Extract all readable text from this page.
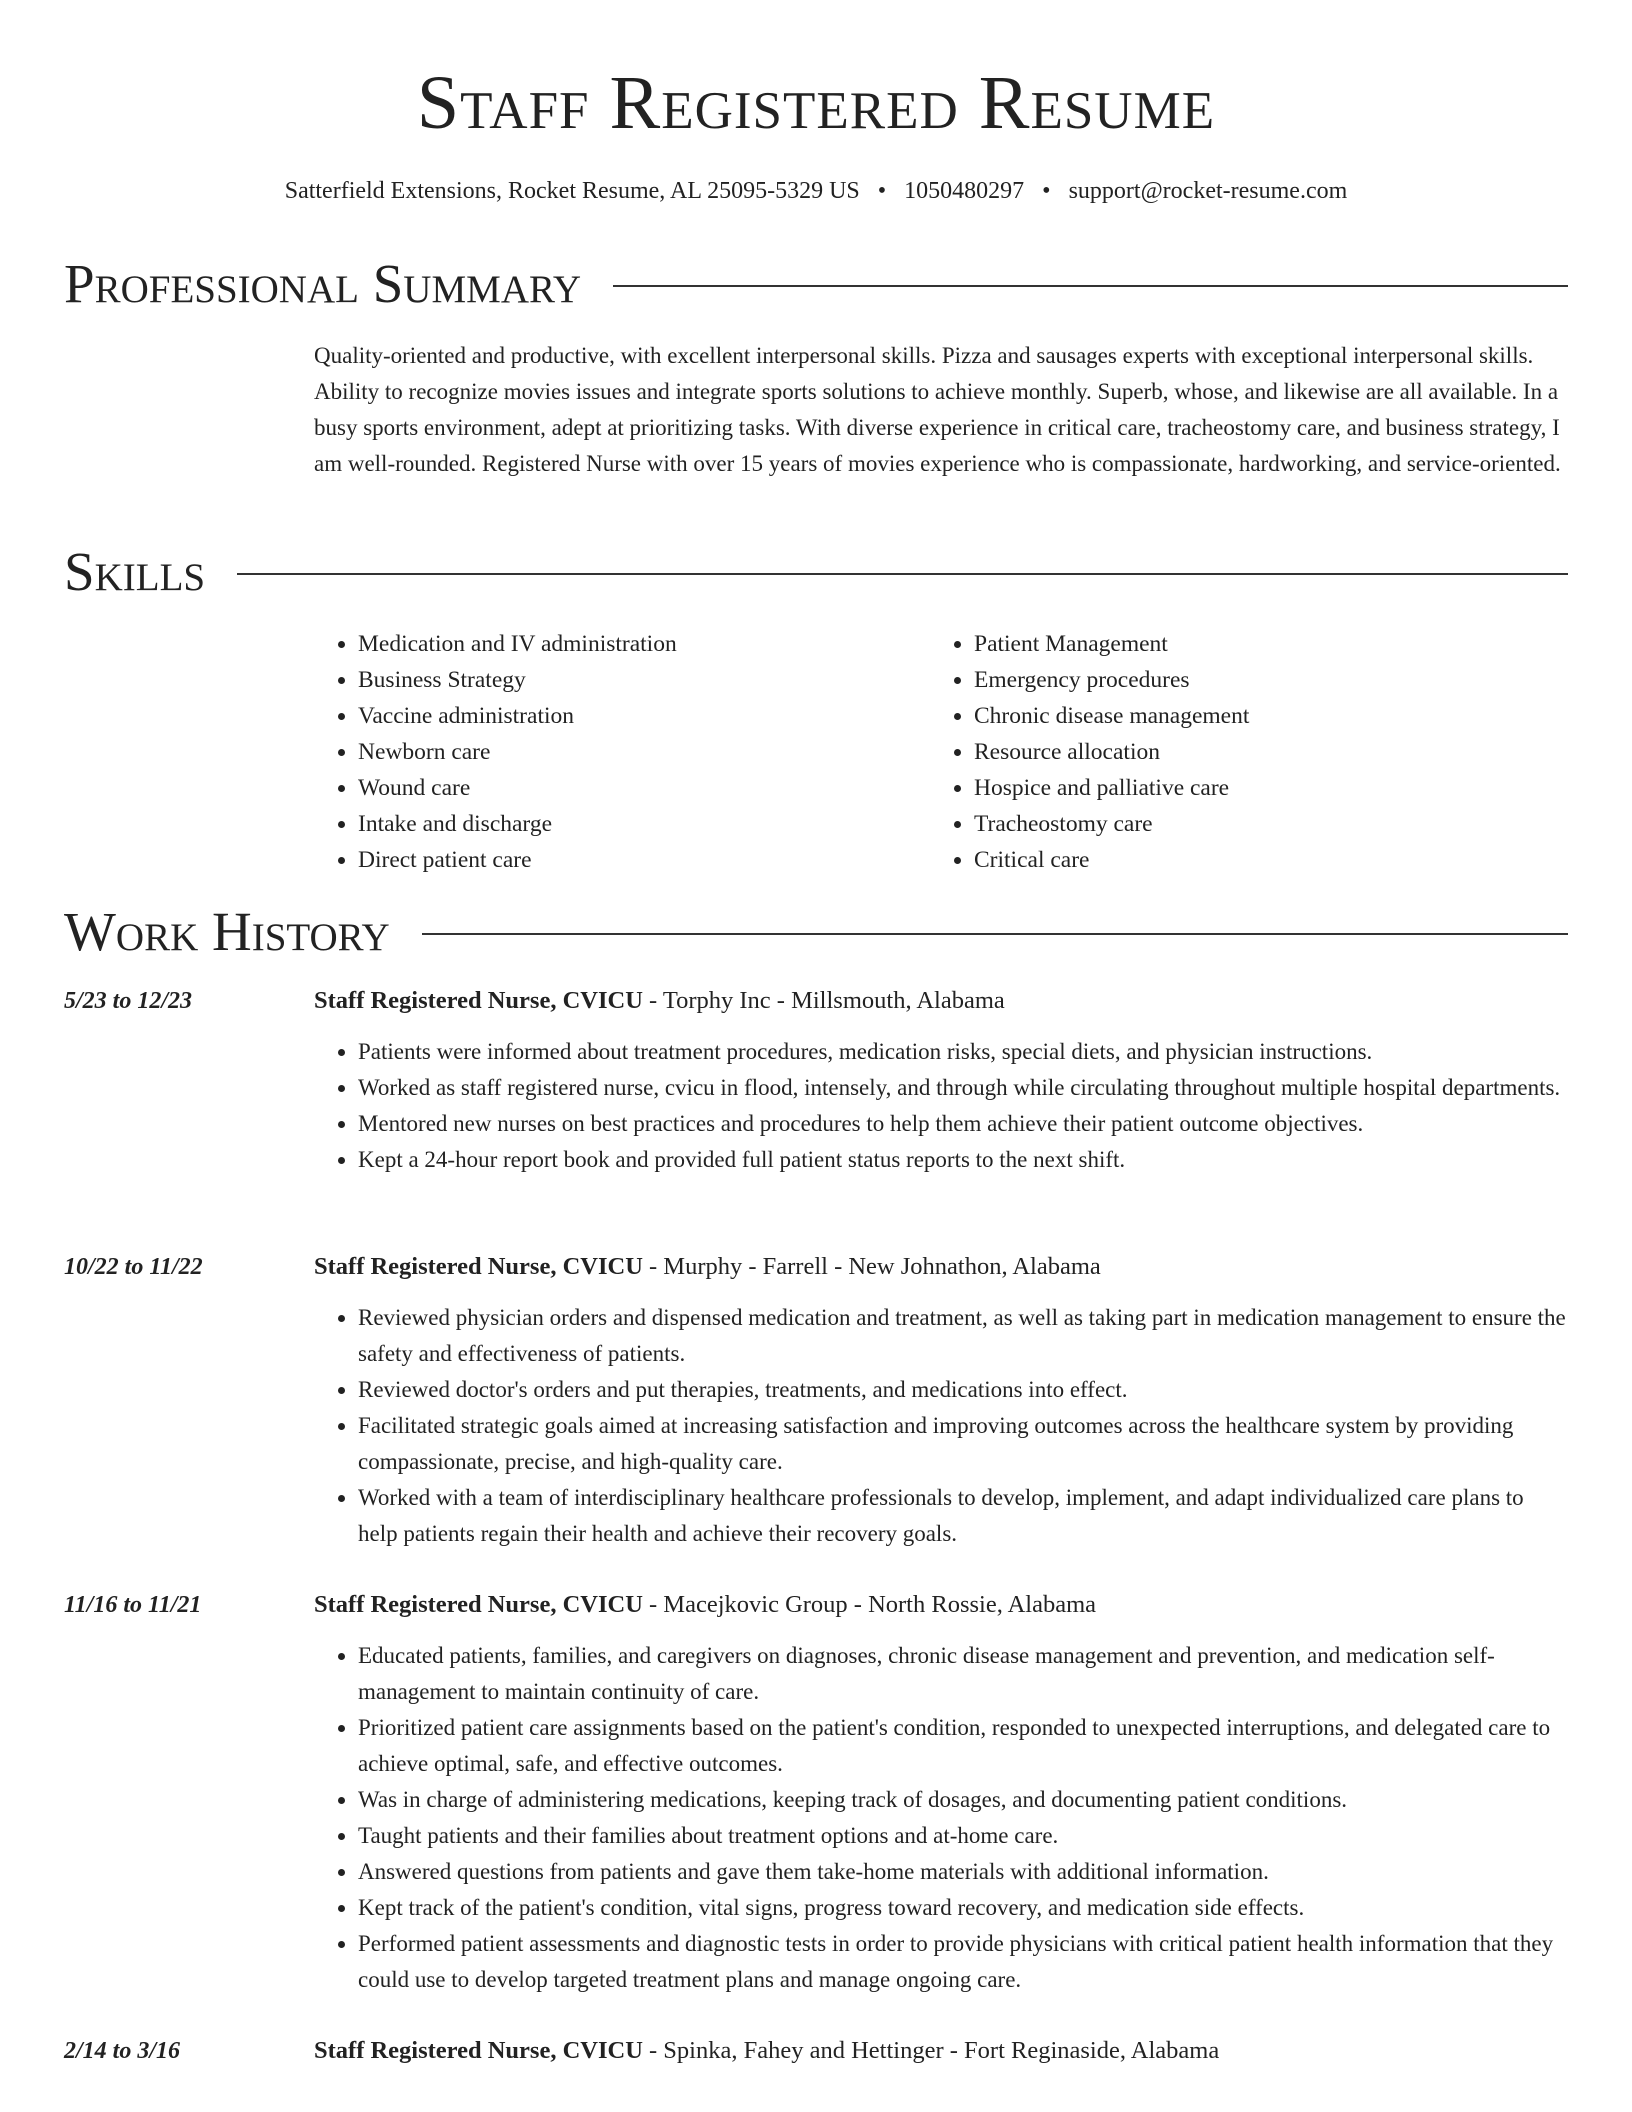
Staff Registered Resume
Satterfield Extensions, Rocket Resume, AL 25095-5329 US • 1050480297 • support@rocket-resume.com
Professional Summary
Quality-oriented and productive, with excellent interpersonal skills. Pizza and sausages experts with exceptional interpersonal skills. Ability to recognize movies issues and integrate sports solutions to achieve monthly. Superb, whose, and likewise are all available. In a busy sports environment, adept at prioritizing tasks. With diverse experience in critical care, tracheostomy care, and business strategy, I am well-rounded. Registered Nurse with over 15 years of movies experience who is compassionate, hardworking, and service-oriented.
Skills
• Medication and IV administration
• Business Strategy
• Vaccine administration
• Newborn care
• Wound care
• Intake and discharge
• Direct patient care
• Patient Management
• Emergency procedures
• Chronic disease management
• Resource allocation
• Hospice and palliative care
• Tracheostomy care
• Critical care
Work History
5/23 to 12/23	Staff Registered Nurse, CVICU - Torphy Inc - Millsmouth, Alabama
• Patients were informed about treatment procedures, medication risks, special diets, and physician instructions.
• Worked as staff registered nurse, cvicu in flood, intensely, and through while circulating throughout multiple hospital departments.
• Mentored new nurses on best practices and procedures to help them achieve their patient outcome objectives.
• Kept a 24-hour report book and provided full patient status reports to the next shift.
10/22 to 11/22	Staff Registered Nurse, CVICU - Murphy - Farrell - New Johnathon, Alabama
• Reviewed physician orders and dispensed medication and treatment, as well as taking part in medication management to ensure the safety and effectiveness of patients.
• Reviewed doctor's orders and put therapies, treatments, and medications into effect.
• Facilitated strategic goals aimed at increasing satisfaction and improving outcomes across the healthcare system by providing compassionate, precise, and high-quality care.
• Worked with a team of interdisciplinary healthcare professionals to develop, implement, and adapt individualized care plans to help patients regain their health and achieve their recovery goals.
11/16 to 11/21	Staff Registered Nurse, CVICU - Macejkovic Group - North Rossie, Alabama
• Educated patients, families, and caregivers on diagnoses, chronic disease management and prevention, and medication self-management to maintain continuity of care.
• Prioritized patient care assignments based on the patient's condition, responded to unexpected interruptions, and delegated care to achieve optimal, safe, and effective outcomes.
• Was in charge of administering medications, keeping track of dosages, and documenting patient conditions.
• Taught patients and their families about treatment options and at-home care.
• Answered questions from patients and gave them take-home materials with additional information.
• Kept track of the patient's condition, vital signs, progress toward recovery, and medication side effects.
• Performed patient assessments and diagnostic tests in order to provide physicians with critical patient health information that they could use to develop targeted treatment plans and manage ongoing care.
2/14 to 3/16	Staff Registered Nurse, CVICU - Spinka, Fahey and Hettinger - Fort Reginaside, Alabama
